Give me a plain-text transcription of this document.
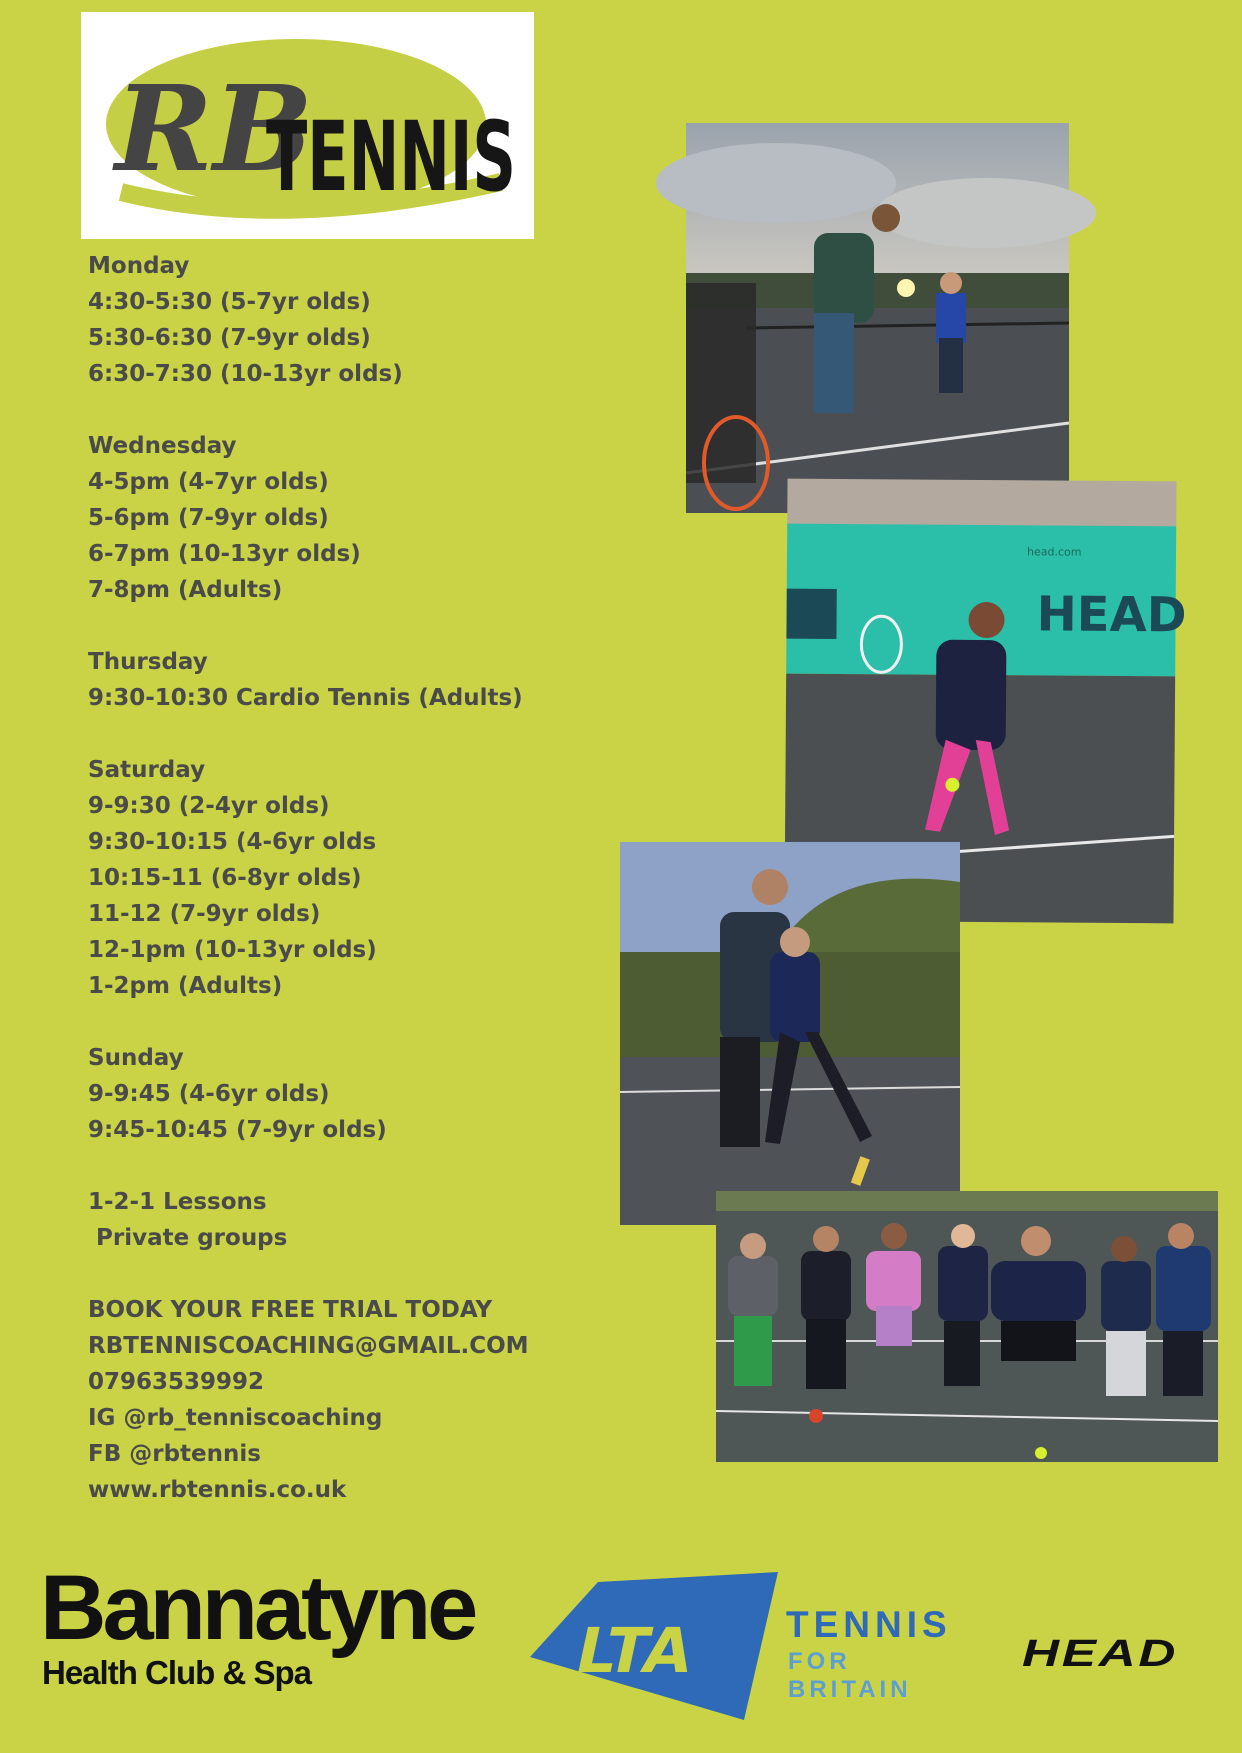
RB
TENNIS
Monday
4:30-5:30 (5-7yr olds)
5:30-6:30 (7-9yr olds)
6:30-7:30 (10-13yr olds)
Wednesday
4-5pm (4-7yr olds)
5-6pm (7-9yr olds)
6-7pm (10-13yr olds)
7-8pm (Adults)
Thursday
9:30-10:30 Cardio Tennis (Adults)
Saturday
9-9:30 (2-4yr olds)
9:30-10:15 (4-6yr olds
10:15-11 (6-8yr olds)
11-12 (7-9yr olds)
12-1pm (10-13yr olds)
1-2pm (Adults)
Sunday
9-9:45 (4-6yr olds)
9:45-10:45 (7-9yr olds)
1-2-1 Lessons
Private groups
BOOK YOUR FREE TRIAL TODAY
RBTENNISCOACHING@GMAIL.COM
07963539992
IG @rb_tenniscoaching
FB @rbtennis
www.rbtennis.co.uk
head.com
HEAD
Bannatyne
Health Club & Spa	LTA TENNIS
FOR BRITAIN
HEAD
